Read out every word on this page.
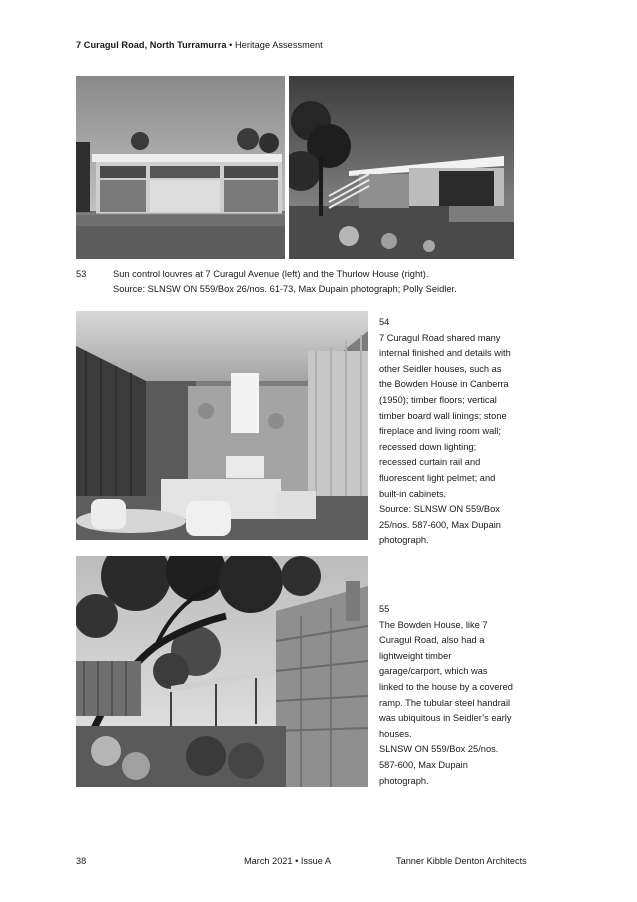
7 Curagul Road, North Turramurra • Heritage Assessment
53	Sun control louvres at 7 Curagul Avenue (left) and the Thurlow House (right).
Source: SLNSW ON 559/Box 26/nos. 61-73, Max Dupain photograph; Polly Seidler.
54
7 Curagul Road shared many
internal finished and details with
other Seidler houses, such as
the Bowden House in Canberra
(1950); timber floors; vertical
timber board wall linings; stone
fireplace and living room wall;
recessed down lighting;
recessed curtain rail and
fluorescent light pelmet; and
built-in cabinets.
Source: SLNSW ON 559/Box
25/nos. 587-600, Max Dupain
photograph.
55
The Bowden House, like 7
Curagul Road, also had a
lightweight timber
garage/carport, which was
linked to the house by a covered
ramp. The tubular steel handrail
was ubiquitous in Seidler’s early
houses.
SLNSW ON 559/Box 25/nos.
587-600, Max Dupain
photograph.
38	March 2021 • Issue A	Tanner Kibble Denton Architects
